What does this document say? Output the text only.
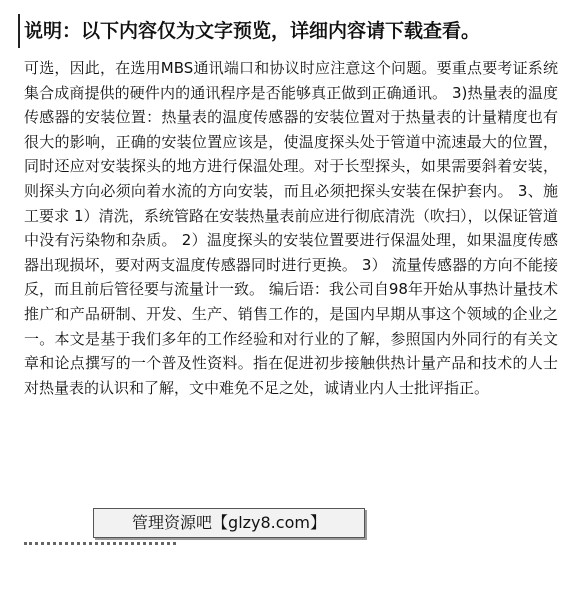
说明：以下内容仅为文字预览，详细内容请下载查看。

可选，因此，在选用MBS通讯端口和协议时应注意这个问题。要重点要考证系统集合成商提供的硬件内的通讯程序是否能够真正做到正确通讯。 3)热量表的温度传感器的安装位置：热量表的温度传感器的安装位置对于热量表的计量精度也有很大的影响，正确的安装位置应该是，使温度探头处于管道中流速最大的位置，同时还应对安装探头的地方进行保温处理。对于长型探头，如果需要斜着安装，则探头方向必须向着水流的方向安装，而且必须把探头安装在保护套内。 3、施工要求 1）清洗，系统管路在安装热量表前应进行彻底清洗（吹扫），以保证管道中没有污染物和杂质。 2）温度探头的安装位置要进行保温处理，如果温度传感器出现损坏，要对两支温度传感器同时进行更换。 3） 流量传感器的方向不能接反，而且前后管径要与流量计一致。 编后语：我公司自98年开始从事热计量技术推广和产品研制、开发、生产、销售工作的，是国内早期从事这个领域的企业之一。本文是基于我们多年的工作经验和对行业的了解，参照国内外同行的有关文章和论点撰写的一个普及性资料。指在促进初步接触供热计量产品和技术的人士对热量表的认识和了解，文中难免不足之处，诚请业内人士批评指正。

管理资源吧【glzy8.com】
